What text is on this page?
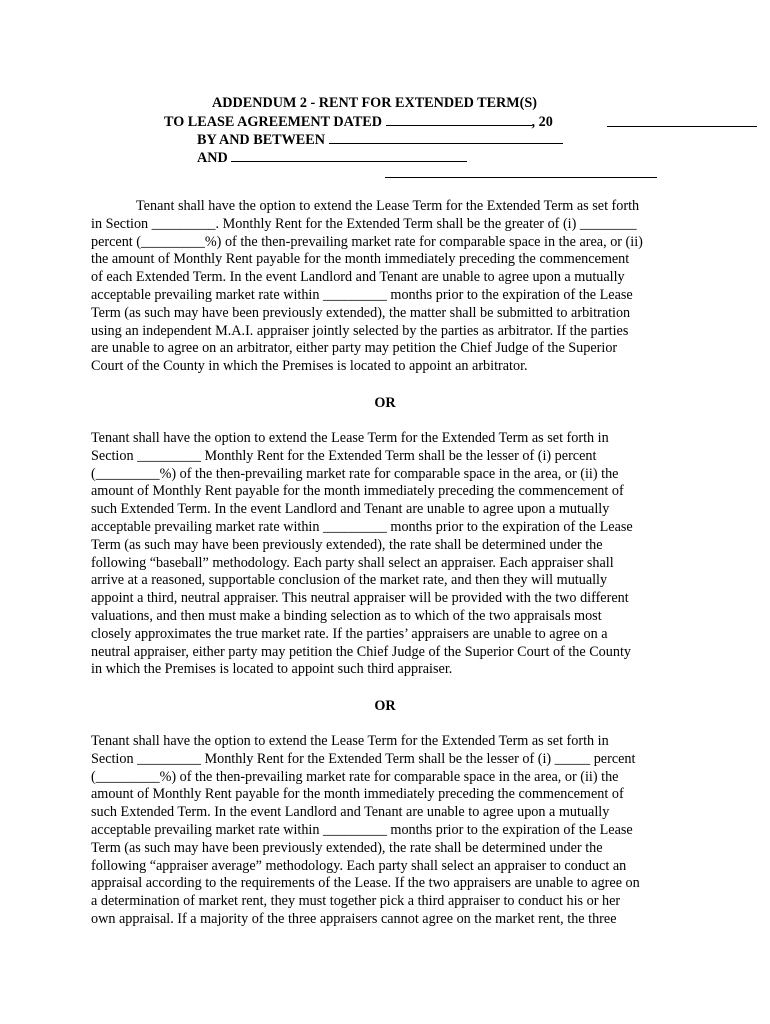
ADDENDUM 2 - RENT FOR EXTENDED TERM(S)
TO LEASE AGREEMENT DATED	, 20
BY AND BETWEEN
AND
Tenant shall have the option to extend the Lease Term for the Extended Term as set forth
in Section _________. Monthly Rent for the Extended Term shall be the greater of (i) ________
percent (_________%) of the then-prevailing market rate for comparable space in the area, or (ii)
the amount of Monthly Rent payable for the month immediately preceding the commencement
of each Extended Term. In the event Landlord and Tenant are unable to agree upon a mutually
acceptable prevailing market rate within _________ months prior to the expiration of the Lease
Term (as such may have been previously extended), the matter shall be submitted to arbitration
using an independent M.A.I. appraiser jointly selected by the parties as arbitrator. If the parties
are unable to agree on an arbitrator, either party may petition the Chief Judge of the Superior
Court of the County in which the Premises is located to appoint an arbitrator.
OR
Tenant shall have the option to extend the Lease Term for the Extended Term as set forth in
Section _________ Monthly Rent for the Extended Term shall be the lesser of (i) percent
(_________%) of the then-prevailing market rate for comparable space in the area, or (ii) the
amount of Monthly Rent payable for the month immediately preceding the commencement of
such Extended Term. In the event Landlord and Tenant are unable to agree upon a mutually
acceptable prevailing market rate within _________ months prior to the expiration of the Lease
Term (as such may have been previously extended), the rate shall be determined under the
following “baseball” methodology. Each party shall select an appraiser. Each appraiser shall
arrive at a reasoned, supportable conclusion of the market rate, and then they will mutually
appoint a third, neutral appraiser. This neutral appraiser will be provided with the two different
valuations, and then must make a binding selection as to which of the two appraisals most
closely approximates the true market rate. If the parties’ appraisers are unable to agree on a
neutral appraiser, either party may petition the Chief Judge of the Superior Court of the County
in which the Premises is located to appoint such third appraiser.
OR
Tenant shall have the option to extend the Lease Term for the Extended Term as set forth in
Section _________ Monthly Rent for the Extended Term shall be the lesser of (i) _____ percent
(_________%) of the then-prevailing market rate for comparable space in the area, or (ii) the
amount of Monthly Rent payable for the month immediately preceding the commencement of
such Extended Term. In the event Landlord and Tenant are unable to agree upon a mutually
acceptable prevailing market rate within _________ months prior to the expiration of the Lease
Term (as such may have been previously extended), the rate shall be determined under the
following “appraiser average” methodology. Each party shall select an appraiser to conduct an
appraisal according to the requirements of the Lease. If the two appraisers are unable to agree on
a determination of market rent, they must together pick a third appraiser to conduct his or her
own appraisal. If a majority of the three appraisers cannot agree on the market rent, the three
